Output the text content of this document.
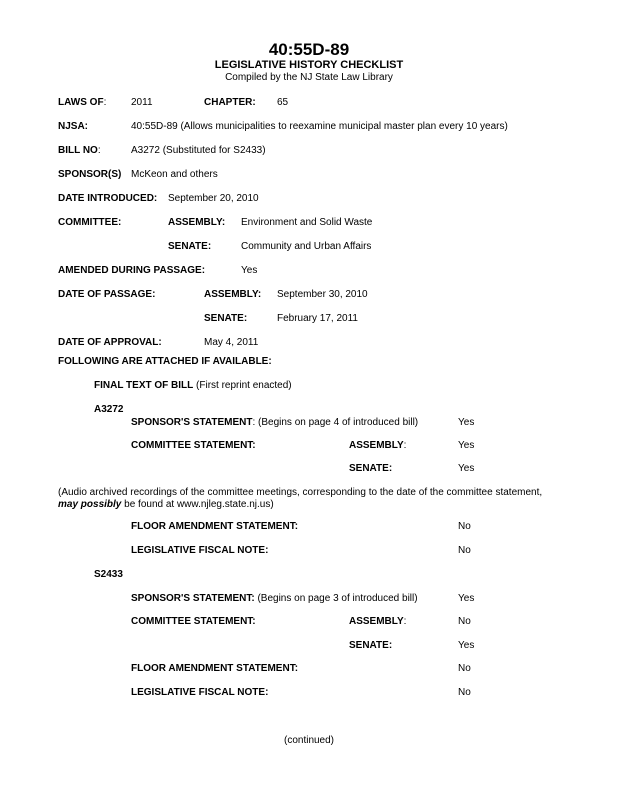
40:55D-89
LEGISLATIVE HISTORY CHECKLIST
Compiled by the NJ State Law Library
LAWS OF: 2011	CHAPTER: 65
NJSA:	40:55D-89 (Allows municipalities to reexamine municipal master plan every 10 years)
BILL NO:	A3272 (Substituted for S2433)
SPONSOR(S) McKeon and others
DATE INTRODUCED: September 20, 2010
COMMITTEE:	ASSEMBLY: Environment and Solid Waste
SENATE:	Community and Urban Affairs
AMENDED DURING PASSAGE:	Yes
DATE OF PASSAGE:	ASSEMBLY: September 30, 2010
SENATE:	February 17, 2011
DATE OF APPROVAL:	May 4, 2011
FOLLOWING ARE ATTACHED IF AVAILABLE:
FINAL TEXT OF BILL (First reprint enacted)
A3272
SPONSOR'S STATEMENT: (Begins on page 4 of introduced bill)	Yes
COMMITTEE STATEMENT:	ASSEMBLY:	Yes
SENATE:	Yes
(Audio archived recordings of the committee meetings, corresponding to the date of the committee statement, may possibly be found at www.njleg.state.nj.us)
FLOOR AMENDMENT STATEMENT:	No
LEGISLATIVE FISCAL NOTE:	No
S2433
SPONSOR'S STATEMENT: (Begins on page 3 of introduced bill)	Yes
COMMITTEE STATEMENT:	ASSEMBLY:	No
SENATE:	Yes
FLOOR AMENDMENT STATEMENT:	No
LEGISLATIVE FISCAL NOTE:	No
(continued)
